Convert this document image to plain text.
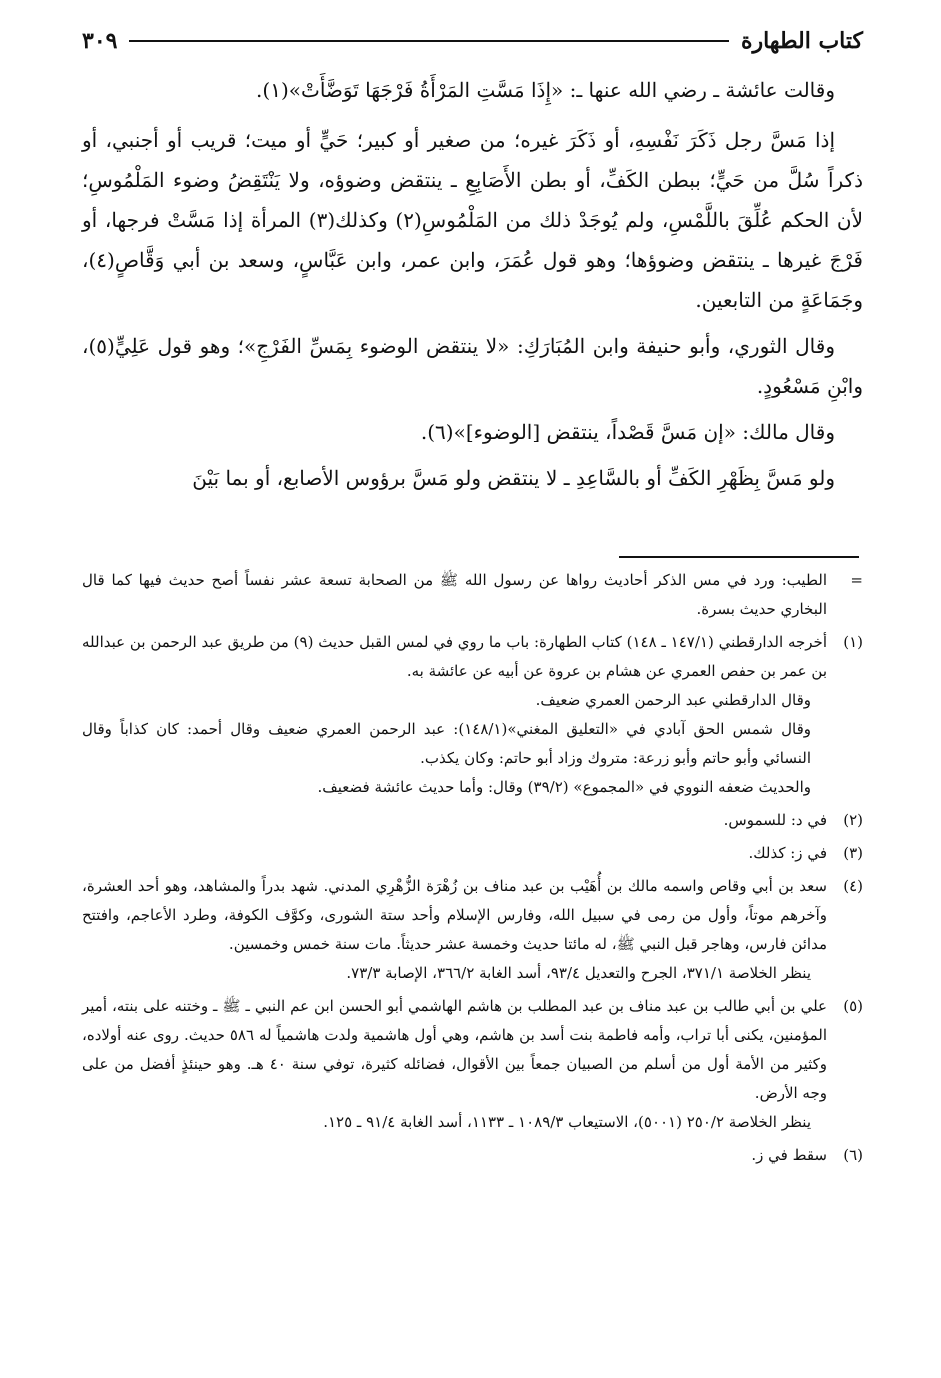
كتاب الطهارة
٣٠٩

وقالت عائشة ـ رضي الله عنها ـ: «إِذَا مَسَّتِ المَرْأَةُ فَرْجَهَا تَوَضَّأَتْ»(١).

إذا مَسَّ رجل ذَكَرَ نَفْسِهِ، أو ذَكَرَ غيره؛ من صغير أو كبير؛ حَيٍّ أو ميت؛ قريب أو أجنبي، أو ذكراً سُلَّ من حَيٍّ؛ ببطن الكَفِّ، أو بطن الأَصَابِعِ ـ ينتقض وضوؤه، ولا يَنْتَقِضُ وضوء المَلْمُوسِ؛ لأن الحكم عُلِّقَ باللَّمْسِ، ولم يُوجَدْ ذلك من المَلْمُوسِ(٢) وكذلك(٣) المرأة إذا مَسَّتْ فرجها، أو فَرْجَ غيرها ـ ينتقض وضوؤها؛ وهو قول عُمَرَ، وابن عمر، وابن عَبَّاسٍ، وسعد بن أبي وَقَّاصٍ(٤)، وجَمَاعَةٍ من التابعين.

وقال الثوري، وأبو حنيفة وابن المُبَارَكِ: «لا ينتقض الوضوء بِمَسِّ الفَرْجِ»؛ وهو قول عَلِيٍّ(٥)، وابْنِ مَسْعُودٍ.

وقال مالك: «إن مَسَّ قَصْداً، ينتقض [الوضوء]»(٦).

ولو مَسَّ بِظَهْرِ الكَفِّ أو بالسَّاعِدِ ـ لا ينتقض ولو مَسَّ برؤوس الأصابع، أو بما بَيْنَ

=

الطيب: ورد في مس الذكر أحاديث رواها عن رسول الله ﷺ من الصحابة تسعة عشر نفساً أصح حديث فيها كما قال البخاري حديث بسرة.

(١)

أخرجه الدارقطني (١٤٧/١ ـ ١٤٨) كتاب الطهارة: باب ما روي في لمس القبل حديث (٩) من طريق عبد الرحمن بن عبدالله بن عمر بن حفص العمري عن هشام بن عروة عن أبيه عن عائشة به.

وقال الدارقطني عبد الرحمن العمري ضعيف.

وقال شمس الحق آبادي في «التعليق المغني»(١٤٨/١): عبد الرحمن العمري ضعيف وقال أحمد: كان كذاباً وقال النسائي وأبو حاتم وأبو زرعة: متروك وزاد أبو حاتم: وكان يكذب.

والحديث ضعفه النووي في «المجموع» (٣٩/٢) وقال: وأما حديث عائشة فضعيف.

(٢)

في د: للسموس.

(٣)

في ز: كذلك.

(٤)

سعد بن أبي وقاص واسمه مالك بن أُهَيْب بن عبد مناف بن زُهْرَة الزُّهْرِي المدني. شهد بدراً والمشاهد، وهو أحد العشرة، وآخرهم موتاً، وأول من رمى في سبيل الله، وفارس الإسلام وأحد ستة الشورى، وكوَّف الكوفة، وطرد الأعاجم، وافتتح مدائن فارس، وهاجر قبل النبي ﷺ، له مائتا حديث وخمسة عشر حديثاً. مات سنة خمس وخمسين.

ينظر الخلاصة ٣٧١/١، الجرح والتعديل ٩٣/٤، أسد الغابة ٣٦٦/٢، الإصابة ٧٣/٣.

(٥)

علي بن أبي طالب بن عبد مناف بن عبد المطلب بن هاشم الهاشمي أبو الحسن ابن عم النبي ـ ﷺ ـ وختنه على بنته، أمير المؤمنين، يكنى أبا تراب، وأمه فاطمة بنت أسد بن هاشم، وهي أول هاشمية ولدت هاشمياً له ٥٨٦ حديث. روى عنه أولاده، وكثير من الأمة أول من أسلم من الصبيان جمعاً بين الأقوال، فضائله كثيرة، توفي سنة ٤٠ هـ. وهو حينئذٍ أفضل من على وجه الأرض.

ينظر الخلاصة ٢٥٠/٢ (٥٠٠١)، الاستيعاب ١٠٨٩/٣ ـ ١١٣٣، أسد الغابة ٩١/٤ ـ ١٢٥.

(٦)

سقط في ز.
